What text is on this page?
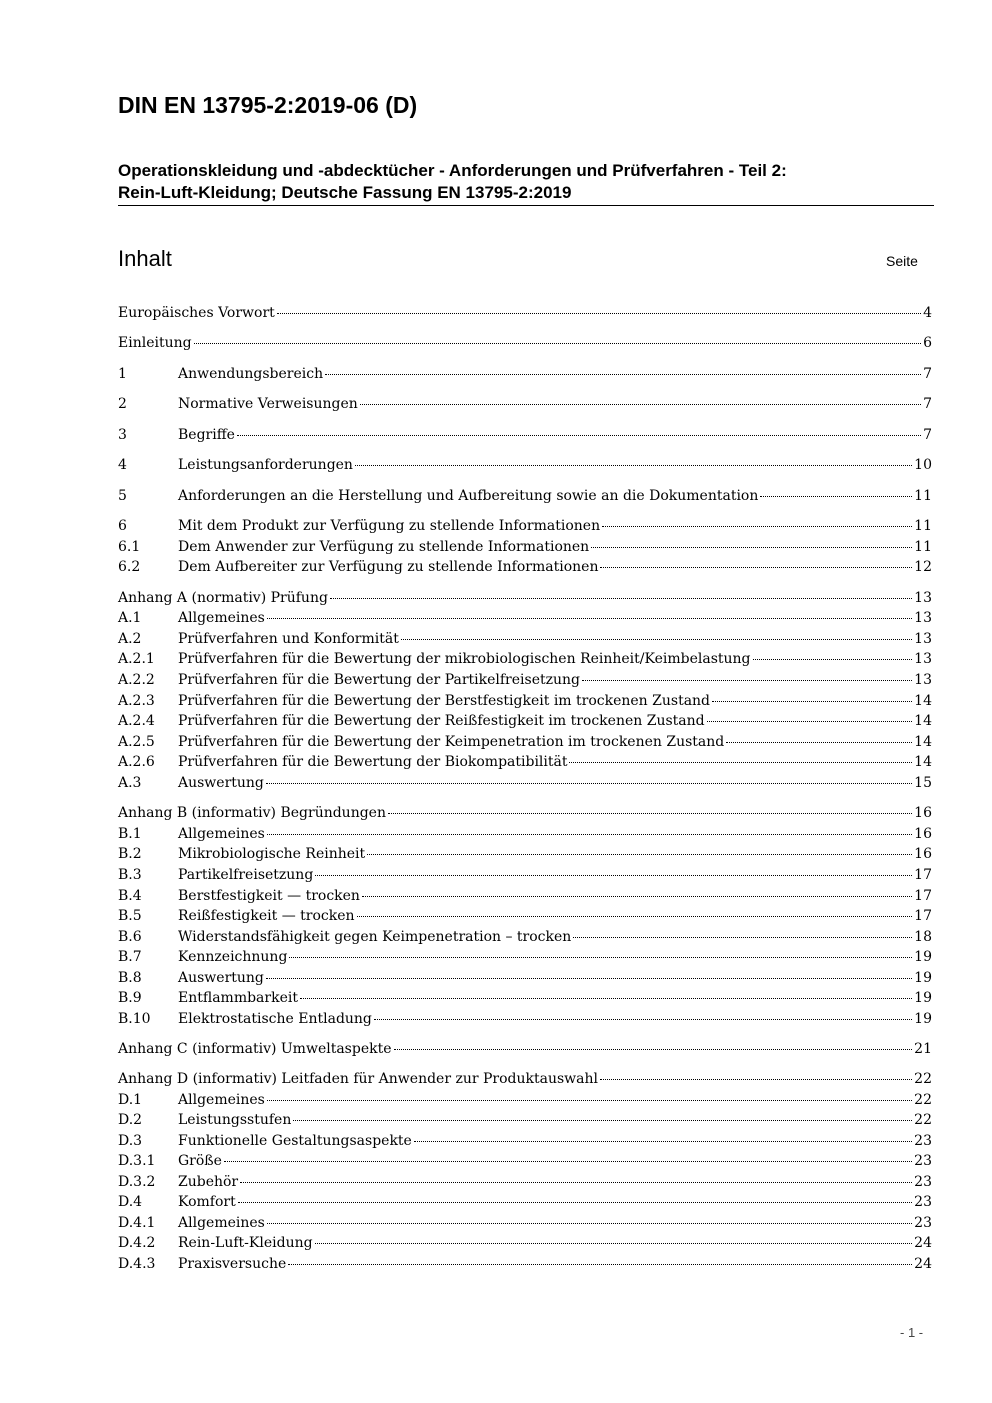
DIN EN 13795-2:2019-06 (D)
Operationskleidung und -abdecktücher - Anforderungen und Prüfverfahren - Teil 2:
Rein-Luft-Kleidung; Deutsche Fassung EN 13795-2:2019
Inhalt	Seite
Europäisches Vorwort	4
Einleitung	6
1	Anwendungsbereich	7
2	Normative Verweisungen	7
3	Begriffe	7
4	Leistungsanforderungen	10
5	Anforderungen an die Herstellung und Aufbereitung sowie an die Dokumentation	11
6	Mit dem Produkt zur Verfügung zu stellende Informationen	11
6.1	Dem Anwender zur Verfügung zu stellende Informationen	11
6.2	Dem Aufbereiter zur Verfügung zu stellende Informationen	12
Anhang A (normativ) Prüfung	13
A.1	Allgemeines	13
A.2	Prüfverfahren und Konformität	13
A.2.1	Prüfverfahren für die Bewertung der mikrobiologischen Reinheit/Keimbelastung	13
A.2.2	Prüfverfahren für die Bewertung der Partikelfreisetzung	13
A.2.3	Prüfverfahren für die Bewertung der Berstfestigkeit im trockenen Zustand	14
A.2.4	Prüfverfahren für die Bewertung der Reißfestigkeit im trockenen Zustand	14
A.2.5	Prüfverfahren für die Bewertung der Keimpenetration im trockenen Zustand	14
A.2.6	Prüfverfahren für die Bewertung der Biokompatibilität	14
A.3	Auswertung	15
Anhang B (informativ) Begründungen	16
B.1	Allgemeines	16
B.2	Mikrobiologische Reinheit	16
B.3	Partikelfreisetzung	17
B.4	Berstfestigkeit — trocken	17
B.5	Reißfestigkeit — trocken	17
B.6	Widerstandsfähigkeit gegen Keimpenetration – trocken	18
B.7	Kennzeichnung	19
B.8	Auswertung	19
B.9	Entflammbarkeit	19
B.10	Elektrostatische Entladung	19
Anhang C (informativ) Umweltaspekte	21
Anhang D (informativ) Leitfaden für Anwender zur Produktauswahl	22
D.1	Allgemeines	22
D.2	Leistungsstufen	22
D.3	Funktionelle Gestaltungsaspekte	23
D.3.1	Größe	23
D.3.2	Zubehör	23
D.4	Komfort	23
D.4.1	Allgemeines	23
D.4.2	Rein-Luft-Kleidung	24
D.4.3	Praxisversuche	24
- 1 -
